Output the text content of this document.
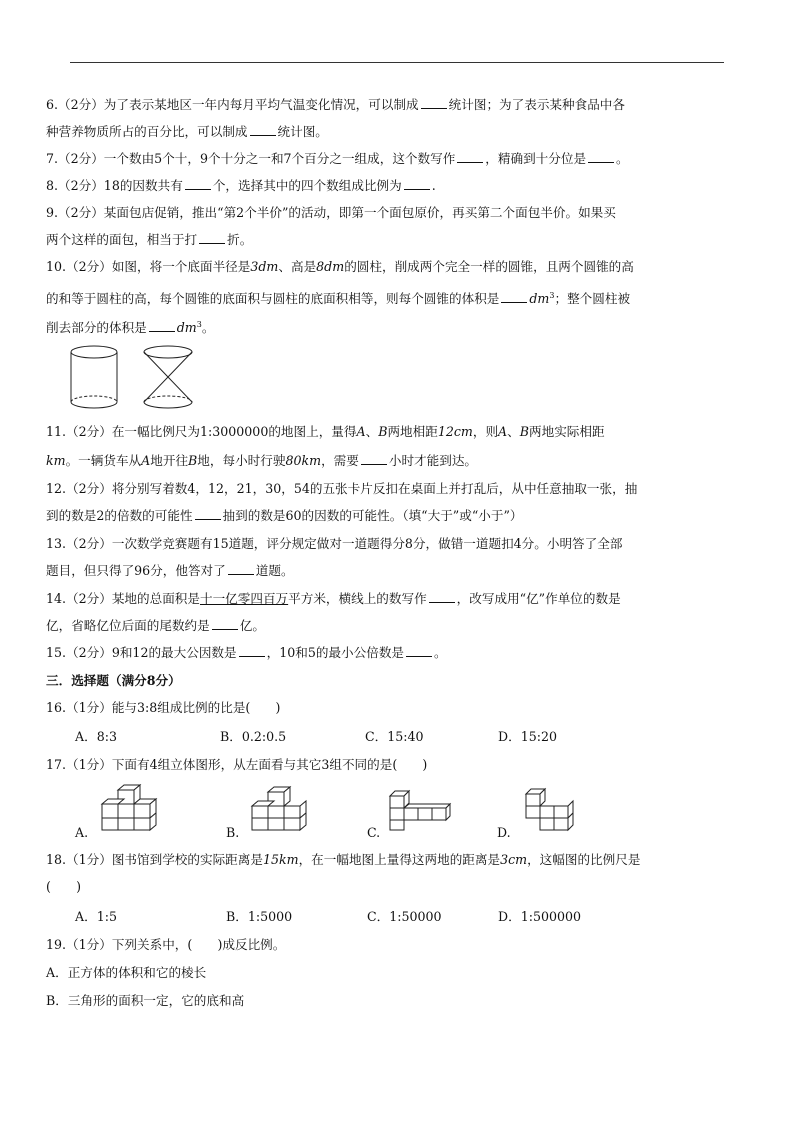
6.（2分）为了表示某地区一年内每月平均气温变化情况，可以制成 统计图；为了表示某种食品中各
种营养物质所占的百分比，可以制成 统计图。
7.（2分）一个数由5个十，9个十分之一和7个百分之一组成，这个数写作 ，精确到十分位是 。
8.（2分）18的因数共有 个，选择其中的四个数组成比例为 .
9.（2分）某面包店促销，推出“第2个半价”的活动，即第一个面包原价，再买第二个面包半价。如果买
两个这样的面包，相当于打 折。
10.（2分）如图，将一个底面半径是3dm、高是8dm的圆柱，削成两个完全一样的圆锥，且两个圆锥的高
的和等于圆柱的高，每个圆锥的底面积与圆柱的底面积相等，则每个圆锥的体积是 $dm^3$；整个圆柱被
削去部分的体积是 $dm^3$。
11.（2分）在一幅比例尺为1:3000000的地图上，量得A、B两地相距12cm，则A、B两地实际相距
km。一辆货车从A地开往B地，每小时行驶80km，需要 小时才能到达。
12.（2分）将分别写着数4，12，21，30，54的五张卡片反扣在桌面上并打乱后，从中任意抽取一张，抽
到的数是2的倍数的可能性 抽到的数是60的因数的可能性。（填“大于”或“小于”）
13.（2分）一次数学竞赛题有15道题，评分规定做对一道题得分8分，做错一道题扣4分。小明答了全部
题目，但只得了96分，他答对了 道题。
14.（2分）某地的总面积是十一亿零四百万平方米，横线上的数写作 ，改写成用“亿”作单位的数是
亿，省略亿位后面的尾数约是 亿。
15.（2分）9和12的最大公因数是 ，10和5的最小公倍数是 。
三．选择题（满分8分）
16.（1分）能与3:8组成比例的比是(　　)
A．8:3	B．0.2:0.5	C．15:40	D．15:20
17.（1分）下面有4组立体图形，从左面看与其它3组不同的是(　　)
A.	B.	C.	D.
18.（1分）图书馆到学校的实际距离是15km，在一幅地图上量得这两地的距离是3cm，这幅图的比例尺是
(　　)
A．1:5	B．1:5000	C．1:50000	D．1:500000
19.（1分）下列关系中，(　　)成反比例。
A．正方体的体积和它的棱长
B．三角形的面积一定，它的底和高
